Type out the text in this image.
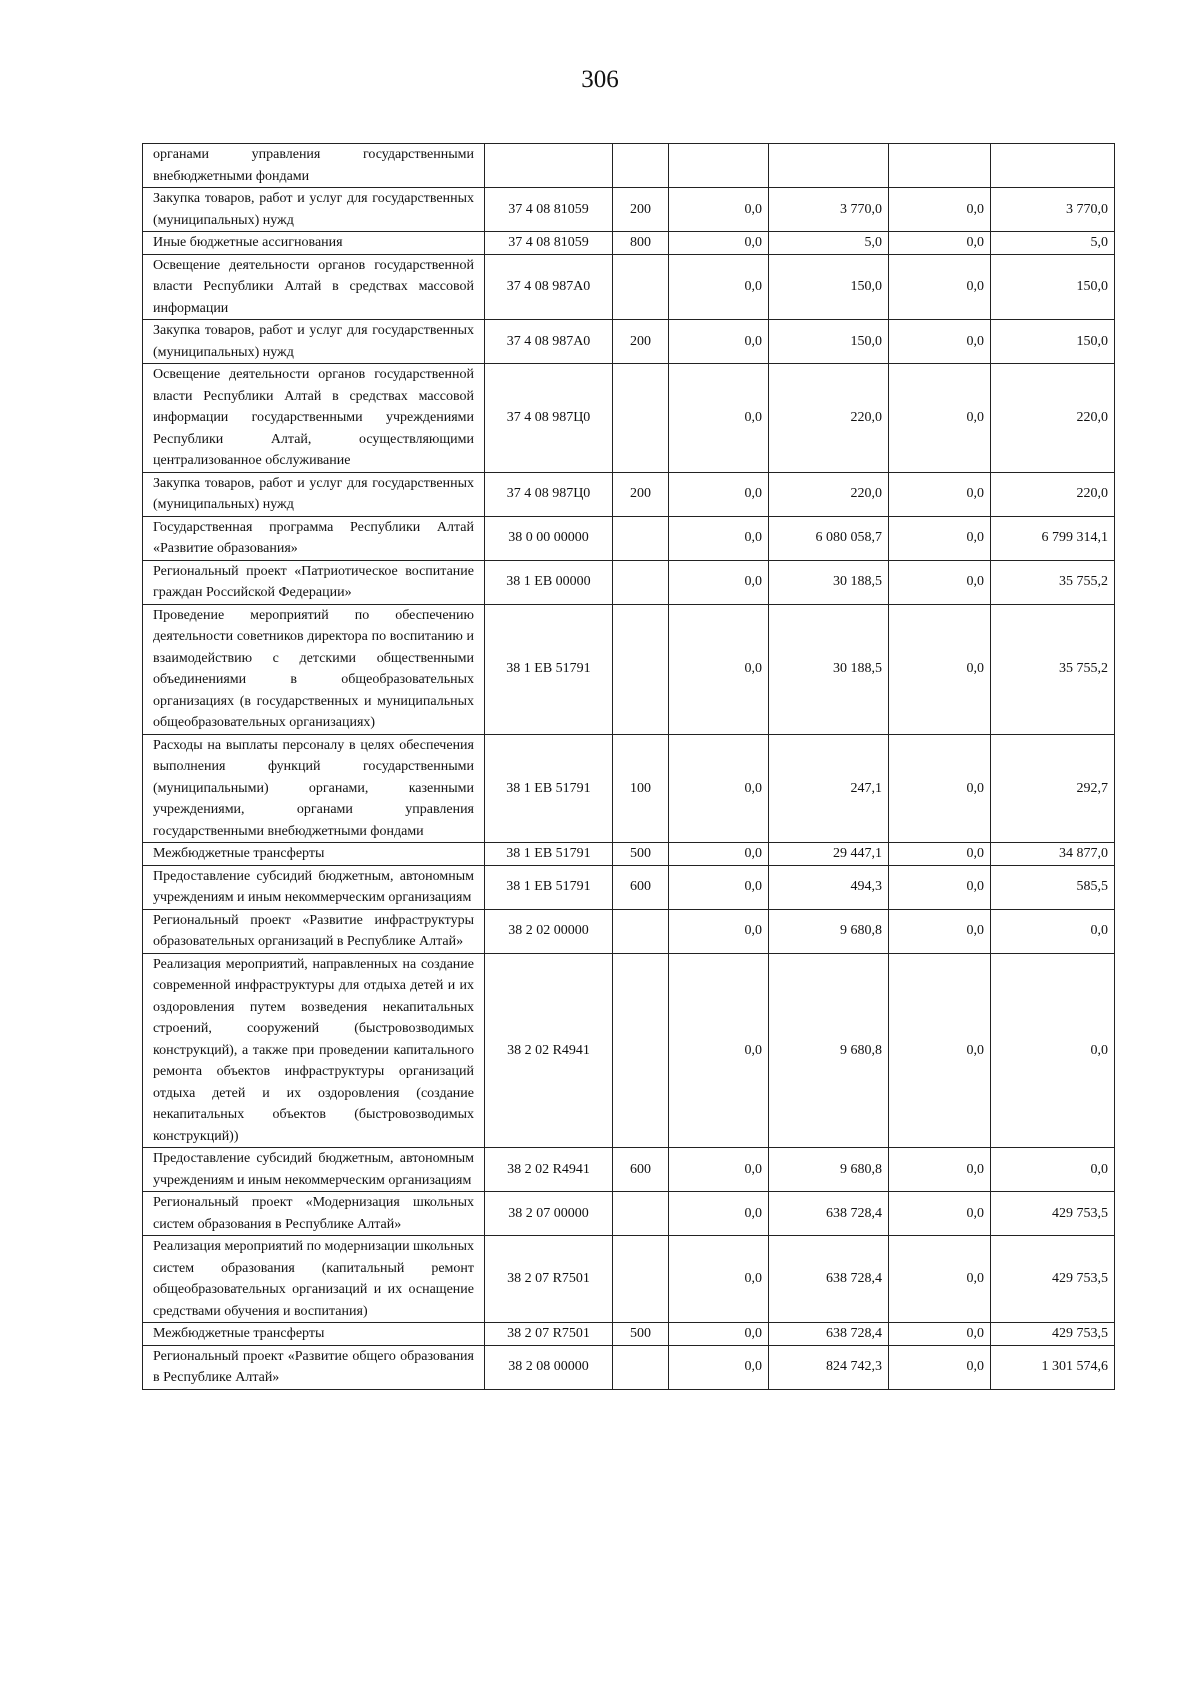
306
органами управления государственными внебюджетными фондами						
Закупка товаров, работ и услуг для государственных (муниципальных) нужд	37 4 08 81059	200	0,0	3 770,0	0,0	3 770,0
Иные бюджетные ассигнования	37 4 08 81059	800	0,0	5,0	0,0	5,0
Освещение деятельности органов государственной власти Республики Алтай в средствах массовой информации	37 4 08 987А0		0,0	150,0	0,0	150,0
Закупка товаров, работ и услуг для государственных (муниципальных) нужд	37 4 08 987А0	200	0,0	150,0	0,0	150,0
Освещение деятельности органов государственной власти Республики Алтай в средствах массовой информации государственными учреждениями Республики Алтай, осуществляющими централизованное обслуживание	37 4 08 987Ц0		0,0	220,0	0,0	220,0
Закупка товаров, работ и услуг для государственных (муниципальных) нужд	37 4 08 987Ц0	200	0,0	220,0	0,0	220,0
Государственная программа Республики Алтай «Развитие образования»	38 0 00 00000		0,0	6 080 058,7	0,0	6 799 314,1
Региональный проект «Патриотическое воспитание граждан Российской Федерации»	38 1 ЕВ 00000		0,0	30 188,5	0,0	35 755,2
Проведение мероприятий по обеспечению деятельности советников директора по воспитанию и взаимодействию с детскими общественными объединениями в общеобразовательных организациях (в государственных и муниципальных общеобразовательных организациях)	38 1 ЕВ 51791		0,0	30 188,5	0,0	35 755,2
Расходы на выплаты персоналу в целях обеспечения выполнения функций государственными (муниципальными) органами, казенными учреждениями, органами управления государственными внебюджетными фондами	38 1 ЕВ 51791	100	0,0	247,1	0,0	292,7
Межбюджетные трансферты	38 1 ЕВ 51791	500	0,0	29 447,1	0,0	34 877,0
Предоставление субсидий бюджетным, автономным учреждениям и иным некоммерческим организациям	38 1 ЕВ 51791	600	0,0	494,3	0,0	585,5
Региональный проект «Развитие инфраструктуры образовательных организаций в Республике Алтай»	38 2 02 00000		0,0	9 680,8	0,0	0,0
Реализация мероприятий, направленных на создание современной инфраструктуры для отдыха детей и их оздоровления путем возведения некапитальных строений, сооружений (быстровозводимых конструкций), а также при проведении капитального ремонта объектов инфраструктуры организаций отдыха детей и их оздоровления (создание некапитальных объектов (быстровозводимых конструкций))	38 2 02 R4941		0,0	9 680,8	0,0	0,0
Предоставление субсидий бюджетным, автономным учреждениям и иным некоммерческим организациям	38 2 02 R4941	600	0,0	9 680,8	0,0	0,0
Региональный проект «Модернизация школьных систем образования в Республике Алтай»	38 2 07 00000		0,0	638 728,4	0,0	429 753,5
Реализация мероприятий по модернизации школьных систем образования (капитальный ремонт общеобразовательных организаций и их оснащение средствами обучения и воспитания)	38 2 07 R7501		0,0	638 728,4	0,0	429 753,5
Межбюджетные трансферты	38 2 07 R7501	500	0,0	638 728,4	0,0	429 753,5
Региональный проект «Развитие общего образования в Республике Алтай»	38 2 08 00000		0,0	824 742,3	0,0	1 301 574,6
